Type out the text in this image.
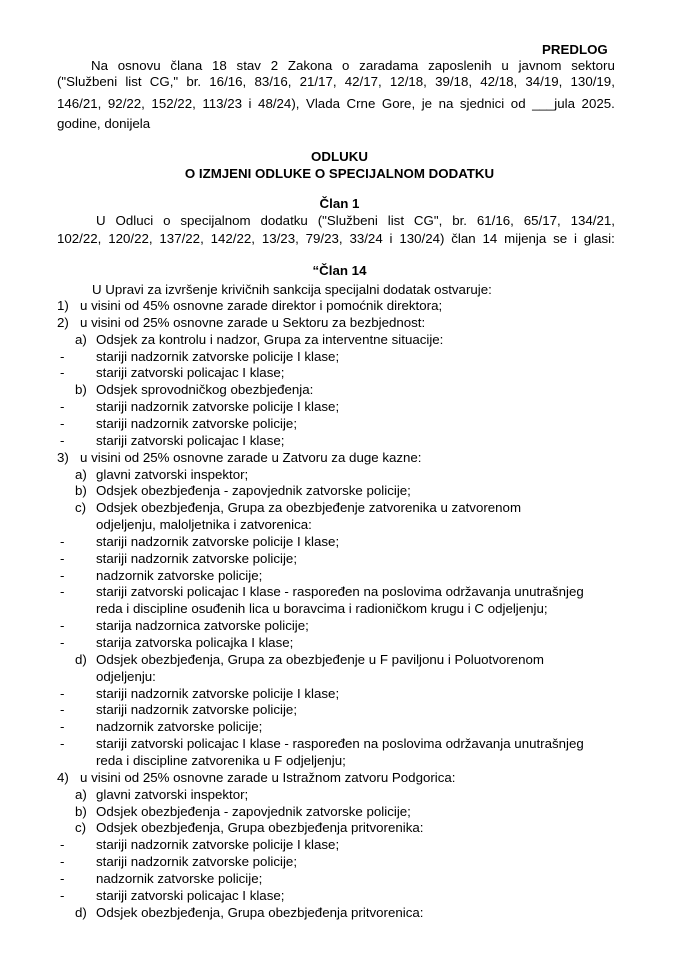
PREDLOG
Na osnovu člana 18 stav 2 Zakona o zaradama zaposlenih u javnom sektoru
("Službeni list CG," br. 16/16, 83/16, 21/17, 42/17, 12/18, 39/18, 42/18, 34/19, 130/19,
146/21, 92/22, 152/22, 113/23 i 48/24), Vlada Crne Gore, je na sjednici od ___jula 2025.
godine, donijela
ODLUKU
O IZMJENI ODLUKE O SPECIJALNOM DODATKU
Član 1
U Odluci o specijalnom dodatku ("Službeni list CG", br. 61/16, 65/17, 134/21,
102/22, 120/22, 137/22, 142/22, 13/23, 79/23, 33/24 i 130/24) član 14 mijenja se i glasi:
“Član 14
U Upravi za izvršenje krivičnih sankcija specijalni dodatak ostvaruje:
1) u visini od 45% osnovne zarade direktor i pomoćnik direktora;
2) u visini od 25% osnovne zarade u Sektoru za bezbjednost:
a) Odsjek za kontrolu i nadzor, Grupa za interventne situacije:
- stariji nadzornik zatvorske policije I klase;
- stariji zatvorski policajac I klase;
b) Odsjek sprovodničkog obezbjeđenja:
- stariji nadzornik zatvorske policije I klase;
- stariji nadzornik zatvorske policije;
- stariji zatvorski policajac I klase;
3) u visini od 25% osnovne zarade u Zatvoru za duge kazne:
a) glavni zatvorski inspektor;
b) Odsjek obezbjeđenja - zapovjednik zatvorske policije;
c) Odsjek obezbjeđenja, Grupa za obezbjeđenje zatvorenika u zatvorenom
odjeljenju, maloljetnika i zatvorenica:
- stariji nadzornik zatvorske policije I klase;
- stariji nadzornik zatvorske policije;
- nadzornik zatvorske policije;
- stariji zatvorski policajac I klase - raspoređen na poslovima održavanja unutrašnjeg
reda i discipline osuđenih lica u boravcima i radioničkom krugu i C odjeljenju;
- starija nadzornica zatvorske policije;
- starija zatvorska policajka I klase;
d) Odsjek obezbjeđenja, Grupa za obezbjeđenje u F paviljonu i Poluotvorenom
odjeljenju:
- stariji nadzornik zatvorske policije I klase;
- stariji nadzornik zatvorske policije;
- nadzornik zatvorske policije;
- stariji zatvorski policajac I klase - raspoređen na poslovima održavanja unutrašnjeg
reda i discipline zatvorenika u F odjeljenju;
4) u visini od 25% osnovne zarade u Istražnom zatvoru Podgorica:
a) glavni zatvorski inspektor;
b) Odsjek obezbjeđenja - zapovjednik zatvorske policije;
c) Odsjek obezbjeđenja, Grupa obezbjeđenja pritvorenika:
- stariji nadzornik zatvorske policije I klase;
- stariji nadzornik zatvorske policije;
- nadzornik zatvorske policije;
- stariji zatvorski policajac I klase;
d) Odsjek obezbjeđenja, Grupa obezbjeđenja pritvorenica:
